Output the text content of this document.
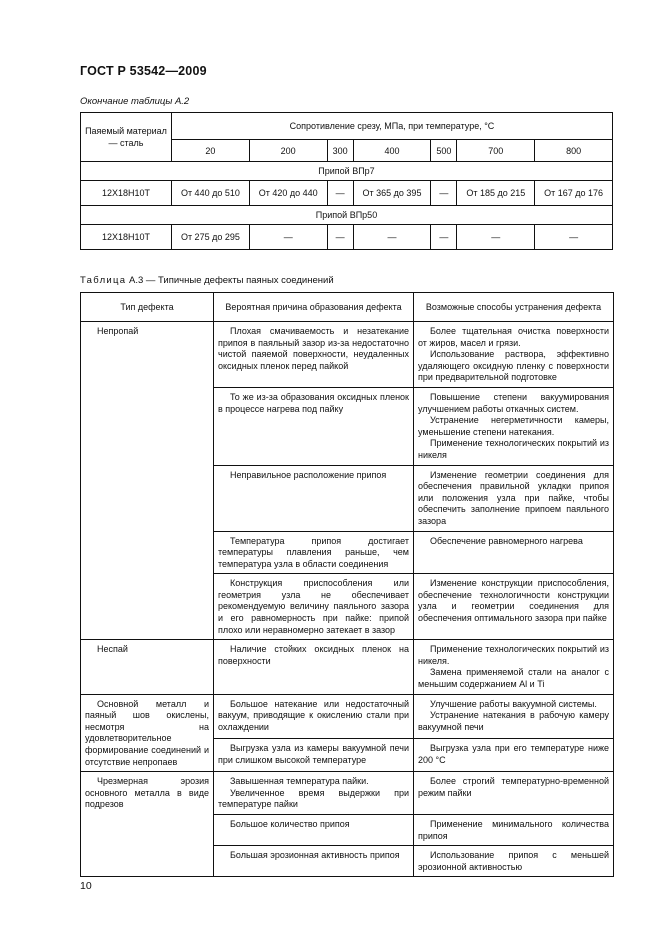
ГОСТ Р 53542—2009
Окончание таблицы А.2
Паяемый материал — сталь	Сопротивление срезу, МПа, при температуре, °С						
	20	200	300	400	500	700	800
Припой ВПр7							
12Х18Н10Т	От 440 до 510	От 420 до 440	—	От 365 до 395	—	От 185 до 215	От 167 до 176
Припой ВПр50							
12Х18Н10Т	От 275 до 295	—	—	—	—	—	—
Таблица А.3 — Типичные дефекты паяных соединений
Тип дефекта	Вероятная причина образования дефекта	Возможные способы устранения дефекта

Непропай	Плохая смачиваемость и незатекание припоя в паяльный зазор из-за недостаточно чистой паяемой поверхности, неудаленных оксидных пленок перед пайкой	Более тщательная очистка поверхности от жиров, масел и грязи.
Использование раствора, эффективно удаляющего оксидную пленку с поверхности при предварительной подготовке

	То же из-за образования оксидных пленок в процессе нагрева под пайку	Повышение степени вакуумирования улучшением работы откачных систем.
Устранение негерметичности камеры, уменьшение степени натекания.
Применение технологических покрытий из никеля

	Неправильное расположение припоя	Изменение геометрии соединения для обеспечения правильной укладки припоя или положения узла при пайке, чтобы обеспечить заполнение припоем паяльного зазора

	Температура припоя достигает температуры плавления раньше, чем температура узла в области соединения	Обеспечение равномерного нагрева

	Конструкция приспособления или геометрия узла не обеспечивает рекомендуемую величину паяльного зазора и его равномерность при пайке: припой плохо или неравномерно затекает в зазор	Изменение конструкции приспособления, обеспечение технологичности конструкции узла и геометрии соединения для обеспечения оптимального зазора при пайке

Неспай	Наличие стойких оксидных пленок на поверхности	Применение технологических покрытий из никеля.
Замена применяемой стали на аналог с меньшим содержанием Al и Ti

Основной металл и паяный шов окислены, несмотря на удовлетворительное формирование соединений и отсутствие непропаев	Большое натекание или недостаточный вакуум, приводящие к окислению стали при охлаждении	Улучшение работы вакуумной системы.
Устранение натекания в рабочую камеру вакуумной печи

	Выгрузка узла из камеры вакуумной печи при слишком высокой температуре	Выгрузка узла при его температуре ниже 200 °С

Чрезмерная эрозия основного металла в виде подрезов	Завышенная температура пайки.
Увеличенное время выдержки при температуре пайки	Более строгий температурно-временной режим пайки

	Большое количество припоя	Применение минимального количества припоя

	Большая эрозионная активность припоя	Использование припоя с меньшей эрозионной активностью
10
